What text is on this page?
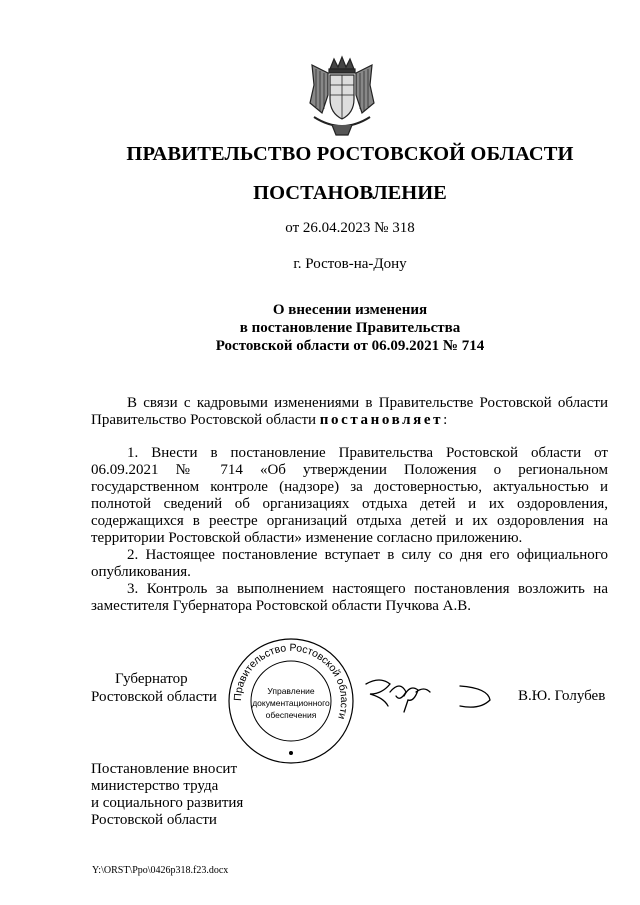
ПРАВИТЕЛЬСТВО РОСТОВСКОЙ ОБЛАСТИ
ПОСТАНОВЛЕНИЕ
от 26.04.2023 № 318
г. Ростов-на-Дону
О внесении изменения
в постановление Правительства
Ростовской области от 06.09.2021 № 714

В связи с кадровыми изменениями в Правительстве Ростовской области Правительство Ростовской области постановляет:

1. Внести в постановление Правительства Ростовской области от 06.09.2021 № 714 «Об утверждении Положения о региональном государственном контроле (надзоре) за достоверностью, актуальностью и полнотой сведений об организациях отдыха детей и их оздоровления, содержащихся в реестре организаций отдыха детей и их оздоровления на территории Ростовской области» изменение согласно приложению.

2. Настоящее постановление вступает в силу со дня его официального опубликования.

3. Контроль за выполнением настоящего постановления возложить на заместителя Губернатора Ростовской области Пучкова А.В.

Губернатор
Ростовской области Правительство Ростовской области
Управление
документационного
обеспечения
В.Ю. Голубев
Постановление вносит
министерство труда
и социального развития
Ростовской области
Y:\ORST\Ppo\0426p318.f23.docx
